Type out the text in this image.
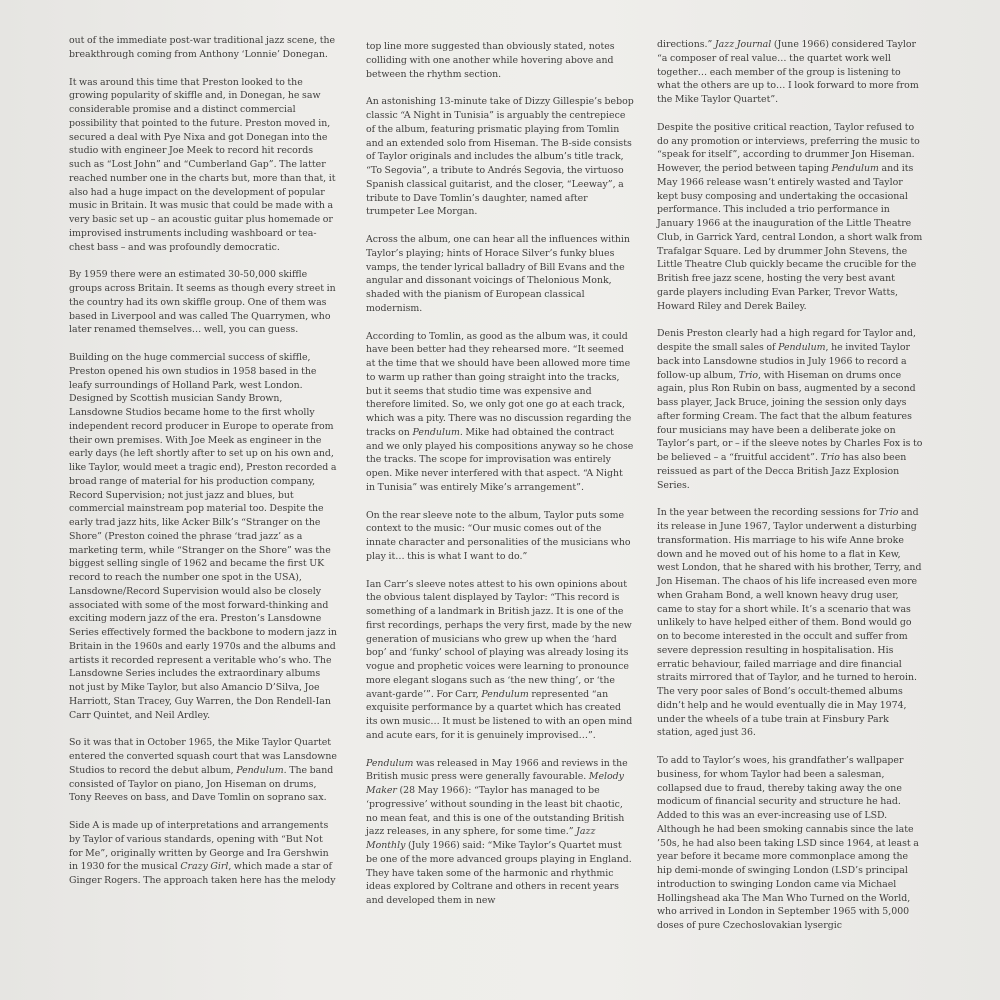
out of the immediate post-war traditional jazz scene, the breakthrough coming from Anthony ‘Lonnie’ Donegan.

It was around this time that Preston looked to the growing popularity of skiffle and, in Donegan, he saw considerable promise and a distinct commercial possibility that pointed to the future. Preston moved in, secured a deal with Pye Nixa and got Donegan into the studio with engineer Joe Meek to record hit records such as “Lost John” and “Cumberland Gap”. The latter reached number one in the charts but, more than that, it also had a huge impact on the development of popular music in Britain. It was music that could be made with a very basic set up – an acoustic guitar plus homemade or improvised instruments including washboard or tea-chest bass – and was profoundly democratic.

By 1959 there were an estimated 30-50,000 skiffle groups across Britain. It seems as though every street in the country had its own skiffle group. One of them was based in Liverpool and was called The Quarrymen, who later renamed themselves… well, you can guess.

Building on the huge commercial success of skiffle, Preston opened his own studios in 1958 based in the leafy surroundings of Holland Park, west London. Designed by Scottish musician Sandy Brown, Lansdowne Studios became home to the first wholly independent record producer in Europe to operate from their own premises. With Joe Meek as engineer in the early days (he left shortly after to set up on his own and, like Taylor, would meet a tragic end), Preston recorded a broad range of material for his production company, Record Supervision; not just jazz and blues, but commercial mainstream pop material too. Despite the early trad jazz hits, like Acker Bilk’s “Stranger on the Shore” (Preston coined the phrase ‘trad jazz’ as a marketing term, while “Stranger on the Shore” was the biggest selling single of 1962 and became the first UK record to reach the number one spot in the USA), Lansdowne/Record Supervision would also be closely associated with some of the most forward-thinking and exciting modern jazz of the era. Preston’s Lansdowne Series effectively formed the backbone to modern jazz in Britain in the 1960s and early 1970s and the albums and artists it recorded represent a veritable who’s who. The Lansdowne Series includes the extraordinary albums not just by Mike Taylor, but also Amancio D’Silva, Joe Harriott, Stan Tracey, Guy Warren, the Don Rendell-Ian Carr Quintet, and Neil Ardley.

So it was that in October 1965, the Mike Taylor Quartet entered the converted squash court that was Lansdowne Studios to record the debut album, Pendulum. The band consisted of Taylor on piano, Jon Hiseman on drums, Tony Reeves on bass, and Dave Tomlin on soprano sax.

Side A is made up of interpretations and arrangements by Taylor of various standards, opening with “But Not for Me”, originally written by George and Ira Gershwin in 1930 for the musical Crazy Girl, which made a star of Ginger Rogers. The approach taken here has the melody

top line more suggested than obviously stated, notes colliding with one another while hovering above and between the rhythm section.

An astonishing 13-minute take of Dizzy Gillespie’s bebop classic “A Night in Tunisia” is arguably the centrepiece of the album, featuring prismatic playing from Tomlin and an extended solo from Hiseman. The B-side consists of Taylor originals and includes the album’s title track, “To Segovia”, a tribute to Andrés Segovia, the virtuoso Spanish classical guitarist, and the closer, “Leeway”, a tribute to Dave Tomlin’s daughter, named after trumpeter Lee Morgan.

Across the album, one can hear all the influences within Taylor’s playing; hints of Horace Silver’s funky blues vamps, the tender lyrical balladry of Bill Evans and the angular and dissonant voicings of Thelonious Monk, shaded with the pianism of European classical modernism.

According to Tomlin, as good as the album was, it could have been better had they rehearsed more. “It seemed at the time that we should have been allowed more time to warm up rather than going straight into the tracks, but it seems that studio time was expensive and therefore limited. So, we only got one go at each track, which was a pity. There was no discussion regarding the tracks on Pendulum. Mike had obtained the contract and we only played his compositions anyway so he chose the tracks. The scope for improvisation was entirely open. Mike never interfered with that aspect. “A Night in Tunisia” was entirely Mike’s arrangement”.

On the rear sleeve note to the album, Taylor puts some context to the music: “Our music comes out of the innate character and personalities of the musicians who play it… this is what I want to do.”

Ian Carr’s sleeve notes attest to his own opinions about the obvious talent displayed by Taylor: “This record is something of a landmark in British jazz. It is one of the first recordings, perhaps the very first, made by the new generation of musicians who grew up when the ‘hard bop’ and ‘funky’ school of playing was already losing its vogue and prophetic voices were learning to pronounce more elegant slogans such as ‘the new thing’, or ‘the avant-garde’”. For Carr, Pendulum represented “an exquisite performance by a quartet which has created its own music… It must be listened to with an open mind and acute ears, for it is genuinely improvised…”.

Pendulum was released in May 1966 and reviews in the British music press were generally favourable. Melody Maker (28 May 1966): “Taylor has managed to be ‘progressive’ without sounding in the least bit chaotic, no mean feat, and this is one of the outstanding British jazz releases, in any sphere, for some time.” Jazz Monthly (July 1966) said: “Mike Taylor’s Quartet must be one of the more advanced groups playing in England. They have taken some of the harmonic and rhythmic ideas explored by Coltrane and others in recent years and developed them in new

directions.” Jazz Journal (June 1966) considered Taylor “a composer of real value… the quartet work well together… each member of the group is listening to what the others are up to… I look forward to more from the Mike Taylor Quartet”.

Despite the positive critical reaction, Taylor refused to do any promotion or interviews, preferring the music to “speak for itself”, according to drummer Jon Hiseman. However, the period between taping Pendulum and its May 1966 release wasn’t entirely wasted and Taylor kept busy composing and undertaking the occasional performance. This included a trio performance in January 1966 at the inauguration of the Little Theatre Club, in Garrick Yard, central London, a short walk from Trafalgar Square. Led by drummer John Stevens, the Little Theatre Club quickly became the crucible for the British free jazz scene, hosting the very best avant garde players including Evan Parker, Trevor Watts, Howard Riley and Derek Bailey.

Denis Preston clearly had a high regard for Taylor and, despite the small sales of Pendulum, he invited Taylor back into Lansdowne studios in July 1966 to record a follow-up album, Trio, with Hiseman on drums once again, plus Ron Rubin on bass, augmented by a second bass player, Jack Bruce, joining the session only days after forming Cream. The fact that the album features four musicians may have been a deliberate joke on Taylor’s part, or – if the sleeve notes by Charles Fox is to be believed – a “fruitful accident”. Trio has also been reissued as part of the Decca British Jazz Explosion Series.

In the year between the recording sessions for Trio and its release in June 1967, Taylor underwent a disturbing transformation. His marriage to his wife Anne broke down and he moved out of his home to a flat in Kew, west London, that he shared with his brother, Terry, and Jon Hiseman. The chaos of his life increased even more when Graham Bond, a well known heavy drug user, came to stay for a short while. It’s a scenario that was unlikely to have helped either of them. Bond would go on to become interested in the occult and suffer from severe depression resulting in hospitalisation. His erratic behaviour, failed marriage and dire financial straits mirrored that of Taylor, and he turned to heroin. The very poor sales of Bond’s occult-themed albums didn’t help and he would eventually die in May 1974, under the wheels of a tube train at Finsbury Park station, aged just 36.

To add to Taylor’s woes, his grandfather’s wallpaper business, for whom Taylor had been a salesman, collapsed due to fraud, thereby taking away the one modicum of financial security and structure he had. Added to this was an ever-increasing use of LSD. Although he had been smoking cannabis since the late ’50s, he had also been taking LSD since 1964, at least a year before it became more commonplace among the hip demi-monde of swinging London (LSD’s principal introduction to swinging London came via Michael Hollingshead aka The Man Who Turned on the World, who arrived in London in September 1965 with 5,000 doses of pure Czechoslovakian lysergic
